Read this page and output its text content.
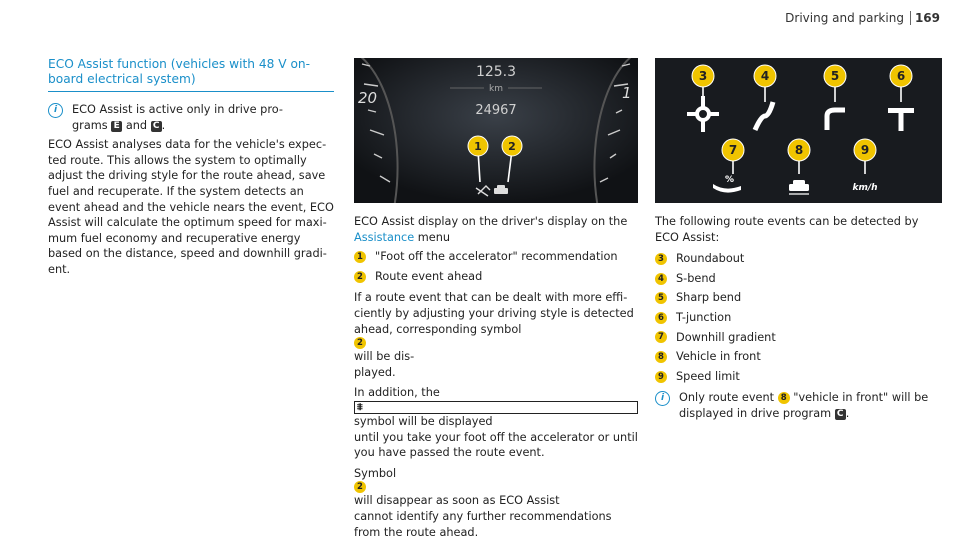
Driving and parking 169
ECO Assist function (vehicles with 48 V on-board electrical system)
i	ECO Assist is active only in drive pro-
grams E and C .

ECO Assist analyses data for the vehicle's expec-
ted route. This allows the system to optimally
adjust the driving style for the route ahead, save
fuel and recuperate. If the system detects an
event ahead and the vehicle nears the event, ECO
Assist will calculate the optimum speed for maxi-
mum fuel economy and recuperative energy
based on the distance, speed and downhill gradi-
ent.

20	1
125.3
km
24967
1 2
ECO Assist display on the driver's display on the
Assistance menu
1 "Foot off the accelerator" recommendation
2 Route event ahead

If a route event that can be dealt with more effi-
ciently by adjusting your driving style is detected
ahead, corresponding symbol
2
will be dis-
played.

In addition, the
⩨
symbol will be displayed
until you take your foot off the accelerator or until
you have passed the route event.

Symbol
2
will disappear as soon as ECO Assist
cannot identify any further recommendations
from the route ahead.

3	4	5	6
7	8	9
%
km/h
The following route events can be detected by
ECO Assist:
3 Roundabout
4 S-bend
5 Sharp bend
6 T-junction
7 Downhill gradient
8 Vehicle in front
9 Speed limit
i	Only route event 8 "vehicle in front" will be
displayed in drive program C .
